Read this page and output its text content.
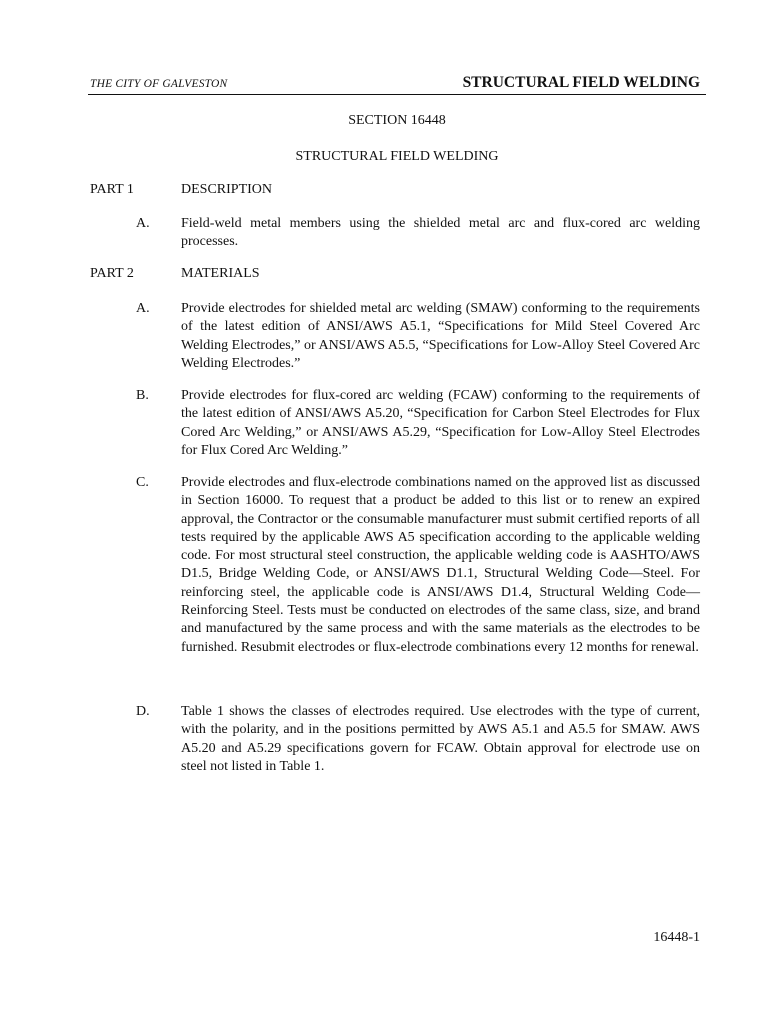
THE CITY OF GALVESTON	STRUCTURAL FIELD WELDING
SECTION 16448
STRUCTURAL FIELD WELDING
PART 1	DESCRIPTION
A. Field-weld metal members using the shielded metal arc and flux-cored arc welding processes.
PART 2	MATERIALS
A. Provide electrodes for shielded metal arc welding (SMAW) conforming to the requirements of the latest edition of ANSI/AWS A5.1, “Specifications for Mild Steel Covered Arc Welding Electrodes,” or ANSI/AWS A5.5, “Specifications for Low-Alloy Steel Covered Arc Welding Electrodes.”
B. Provide electrodes for flux-cored arc welding (FCAW) conforming to the requirements of the latest edition of ANSI/AWS A5.20, “Specification for Carbon Steel Electrodes for Flux Cored Arc Welding,” or ANSI/AWS A5.29, “Specification for Low-Alloy Steel Electrodes for Flux Cored Arc Welding.”
C. Provide electrodes and flux-electrode combinations named on the approved list as discussed in Section 16000. To request that a product be added to this list or to renew an expired approval, the Contractor or the consumable manufacturer must submit certified reports of all tests required by the applicable AWS A5 specification according to the applicable welding code. For most structural steel construction, the applicable welding code is AASHTO/AWS D1.5, Bridge Welding Code, or ANSI/AWS D1.1, Structural Welding Code—Steel. For reinforcing steel, the applicable code is ANSI/AWS D1.4, Structural Welding Code—Reinforcing Steel. Tests must be conducted on electrodes of the same class, size, and brand and manufactured by the same process and with the same materials as the electrodes to be furnished. Resubmit electrodes or flux-electrode combinations every 12 months for renewal.
D. Table 1 shows the classes of electrodes required. Use electrodes with the type of current, with the polarity, and in the positions permitted by AWS A5.1 and A5.5 for SMAW. AWS A5.20 and A5.29 specifications govern for FCAW. Obtain approval for electrode use on steel not listed in Table 1.
16448-1
